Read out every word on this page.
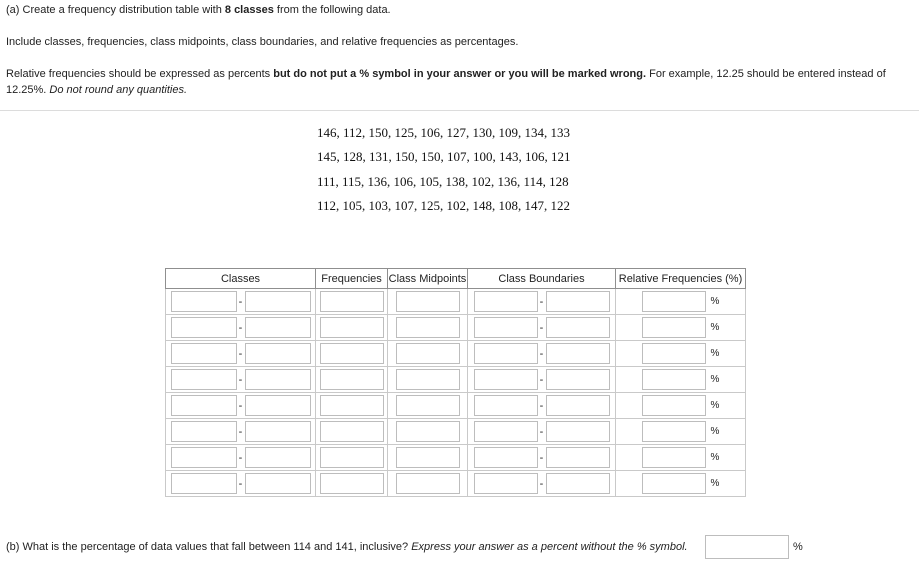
(a) Create a frequency distribution table with 8 classes from the following data.
Include classes, frequencies, class midpoints, class boundaries, and relative frequencies as percentages.
Relative frequencies should be expressed as percents but do not put a % symbol in your answer or you will be marked wrong. For example, 12.25 should be entered instead of
12.25%. Do not round any quantities.
146, 112, 150, 125, 106, 127, 130, 109, 134, 133
145, 128, 131, 150, 150, 107, 100, 143, 106, 121
111, 115, 136, 106, 105, 138, 102, 136, 114, 128
112, 105, 103, 107, 125, 102, 148, 108, 147, 122
Classes	Frequencies	Class Midpoints	Class Boundaries	Relative Frequencies (%)
-			-	%
-			-	%
-			-	%
-			-	%
-			-	%
-			-	%
-			-	%
-			-	%
(b) What is the percentage of data values that fall between 114 and 141, inclusive? Express your answer as a percent without the % symbol.	%
